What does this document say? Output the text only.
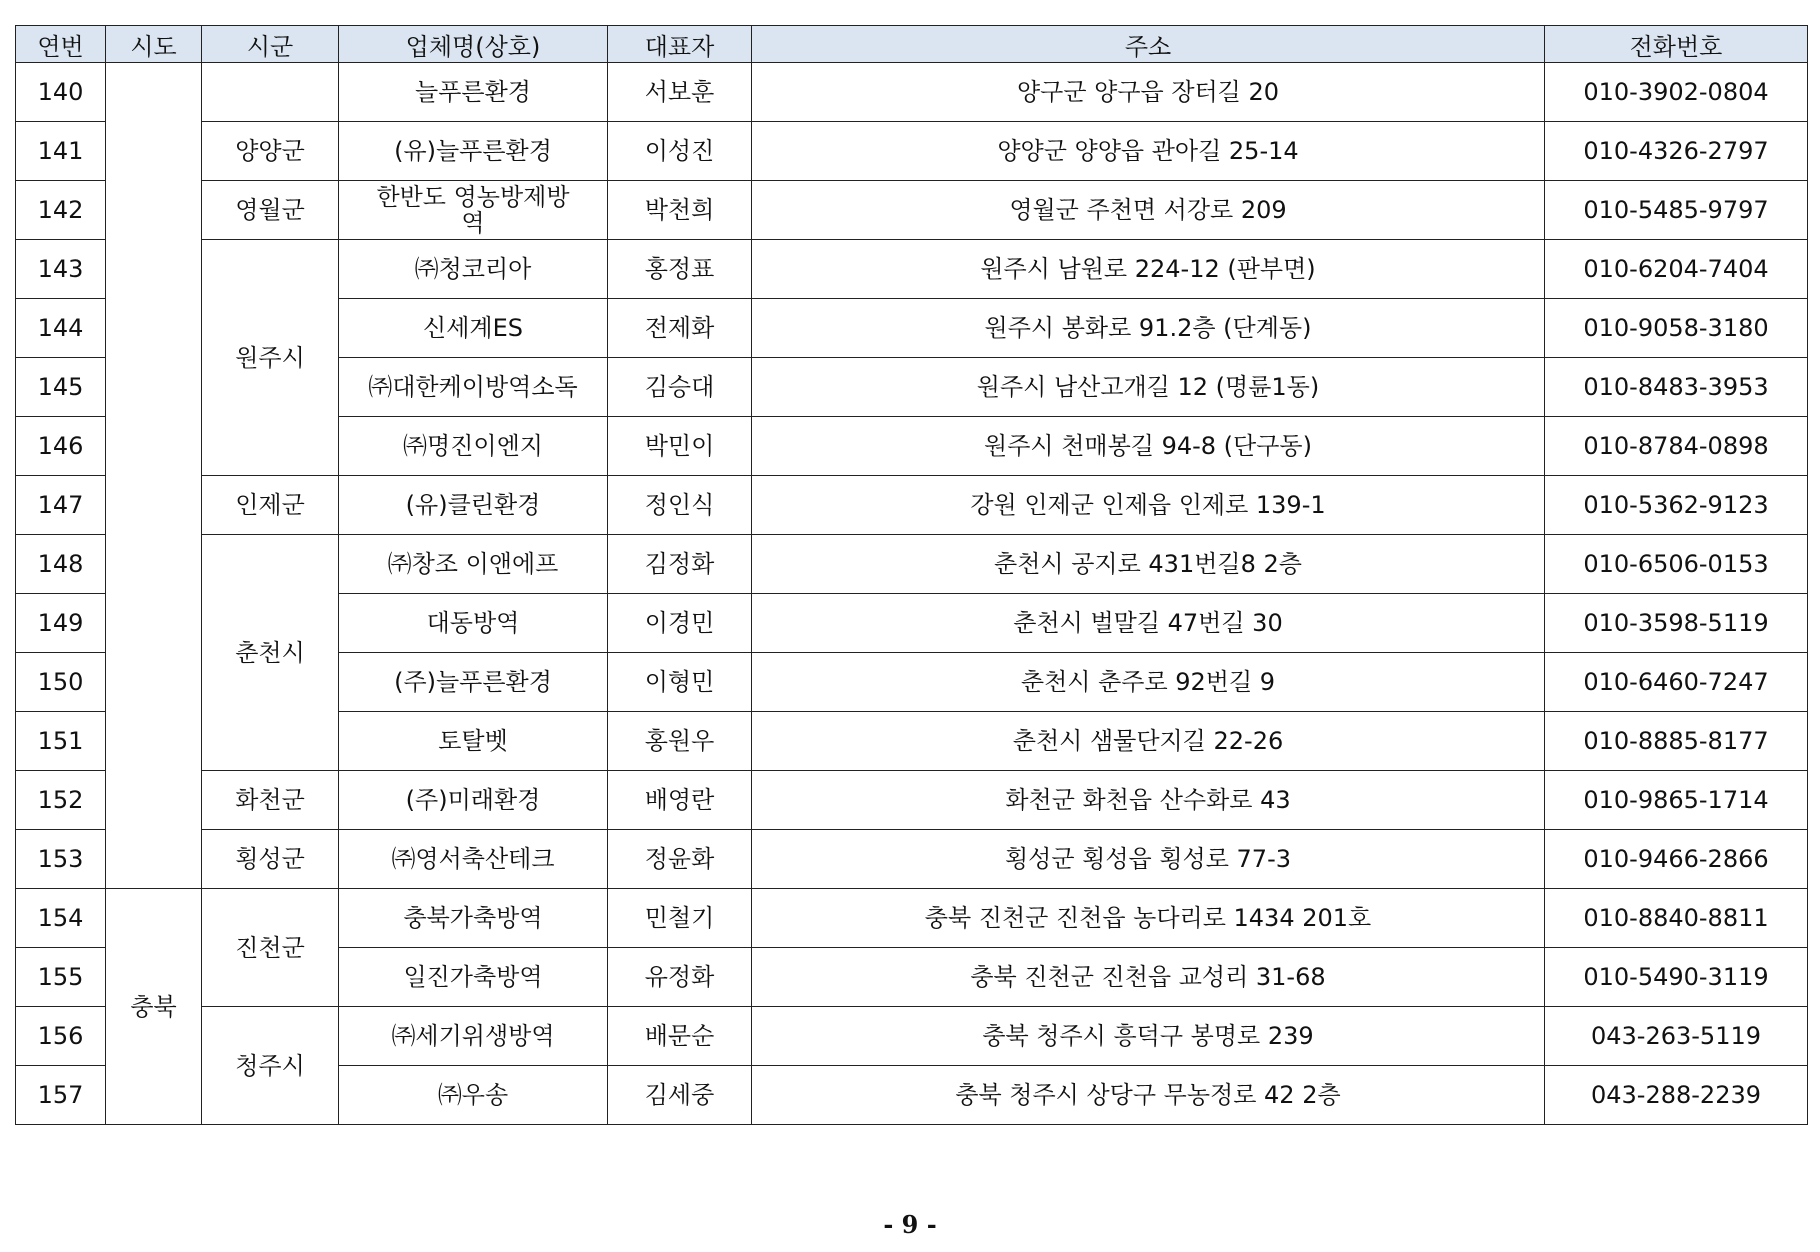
연번	시도	시군	업체명(상호)	대표자	주소	전화번호
140			늘푸른환경	서보훈	양구군 양구읍 장터길 20	010-3902-0804
141		양양군	(유)늘푸른환경	이성진	양양군 양양읍 관아길 25-14	010-4326-2797
142		영월군	한반도 영농방제방역	박천희	영월군 주천면 서강로 209	010-5485-9797
143		원주시	㈜청코리아	홍정표	원주시 남원로 224-12 (판부면)	010-6204-7404
144			신세계ES	전제화	원주시 봉화로 91.2층 (단계동)	010-9058-3180
145			㈜대한케이방역소독	김승대	원주시 남산고개길 12 (명륜1동)	010-8483-3953
146			㈜명진이엔지	박민이	원주시 천매봉길 94-8 (단구동)	010-8784-0898
147		인제군	(유)클린환경	정인식	강원 인제군 인제읍 인제로 139-1	010-5362-9123
148		춘천시	㈜창조 이앤에프	김정화	춘천시 공지로 431번길8 2층	010-6506-0153
149			대동방역	이경민	춘천시 벌말길 47번길 30	010-3598-5119
150			(주)늘푸른환경	이형민	춘천시 춘주로 92번길 9	010-6460-7247
151			토탈벳	홍원우	춘천시 샘물단지길 22-26	010-8885-8177
152		화천군	(주)미래환경	배영란	화천군 화천읍 산수화로 43	010-9865-1714
153		횡성군	㈜영서축산테크	정윤화	횡성군 횡성읍 횡성로 77-3	010-9466-2866
154	충북	진천군	충북가축방역	민철기	충북 진천군 진천읍 농다리로 1434 201호	010-8840-8811
155			일진가축방역	유정화	충북 진천군 진천읍 교성리 31-68	010-5490-3119
156		청주시	㈜세기위생방역	배문순	충북 청주시 흥덕구 봉명로 239	043-263-5119
157			㈜우송	김세중	충북 청주시 상당구 무농정로 42 2층	043-288-2239
- 9 -
